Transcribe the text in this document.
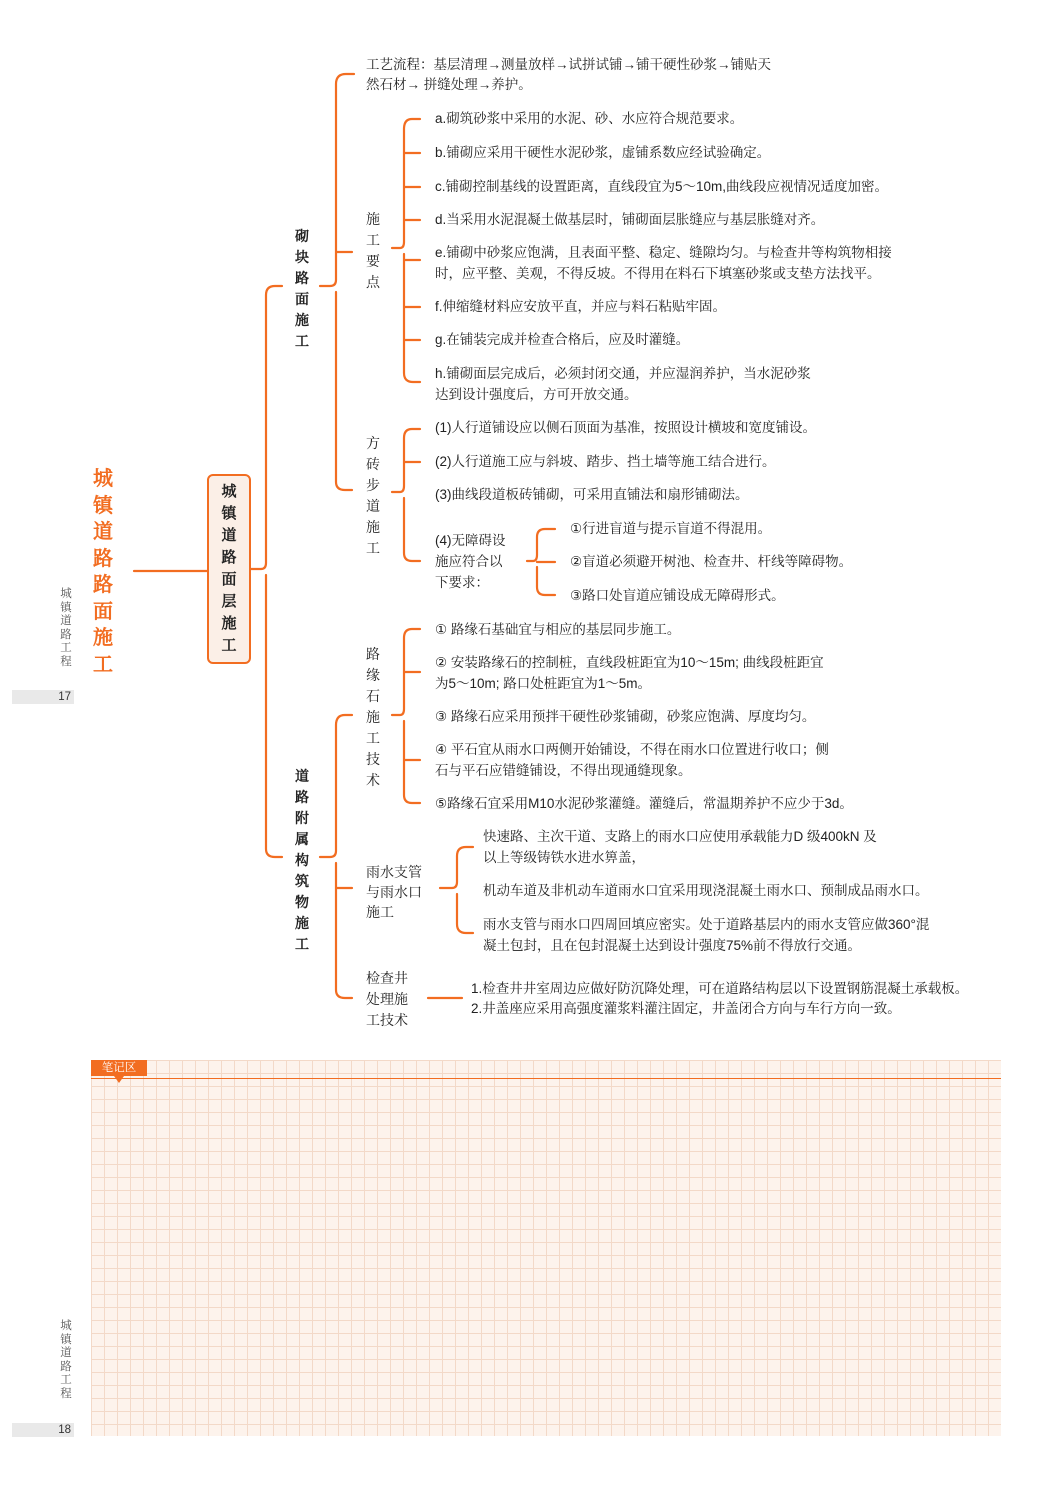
城镇道路路面施工
城镇道路面层施工
砌块路面施工
工艺流程：基层清理→测量放样→试拼试铺→铺干硬性砂浆→铺贴天
然石材→ 拼缝处理→养护。
施工要点
a.砌筑砂浆中采用的水泥、砂、水应符合规范要求。
b.铺砌应采用干硬性水泥砂浆，虚铺系数应经试验确定。
c.铺砌控制基线的设置距离，直线段宜为5～10m,曲线段应视情况适度加密。
d.当采用水泥混凝土做基层时，铺砌面层胀缝应与基层胀缝对齐。
e.铺砌中砂浆应饱满，且表面平整、稳定、缝隙均匀。与检查井等构筑物相接
时，应平整、美观，不得反坡。不得用在料石下填塞砂浆或支垫方法找平。
f.伸缩缝材料应安放平直，并应与料石粘贴牢固。
g.在铺装完成并检查合格后，应及时灌缝。
h.铺砌面层完成后，必须封闭交通，并应湿润养护，当水泥砂浆
达到设计强度后，方可开放交通。
方砖步道施工
(1)人行道铺设应以侧石顶面为基准，按照设计横坡和宽度铺设。
(2)人行道施工应与斜坡、踏步、挡土墙等施工结合进行。
(3)曲线段道板砖铺砌，可采用直铺法和扇形铺砌法。
(4)无障碍设
施应符合以
下要求：
①行进盲道与提示盲道不得混用。
②盲道必须避开树池、检查井、杆线等障碍物。
③路口处盲道应铺设成无障碍形式。
道路附属构筑物施工
路缘石施工技术
① 路缘石基础宜与相应的基层同步施工。
② 安装路缘石的控制桩，直线段桩距宜为10～15m; 曲线段桩距宜
为5～10m; 路口处桩距宜为1～5m。
③ 路缘石应采用预拌干硬性砂浆铺砌，砂浆应饱满、厚度均匀。
④ 平石宜从雨水口两侧开始铺设，不得在雨水口位置进行收口；侧
石与平石应错缝铺设，不得出现通缝现象。
⑤路缘石宜采用M10水泥砂浆灌缝。灌缝后，常温期养护不应少于3d。
雨水支管
与雨水口
施工
快速路、主次干道、支路上的雨水口应使用承载能力D 级400kN 及
以上等级铸铁水进水箅盖，
机动车道及非机动车道雨水口宜采用现浇混凝土雨水口、预制成品雨水口。
雨水支管与雨水口四周回填应密实。处于道路基层内的雨水支管应做360°混
凝土包封，且在包封混凝土达到设计强度75%前不得放行交通。
检查井
处理施
工技术
1.检查井井室周边应做好防沉降处理，可在道路结构层以下设置钢筋混凝土承载板。
2.井盖座应采用高强度灌浆料灌注固定，井盖闭合方向与车行方向一致。
城镇道路工程
17
城镇道路工程
18
笔记区
